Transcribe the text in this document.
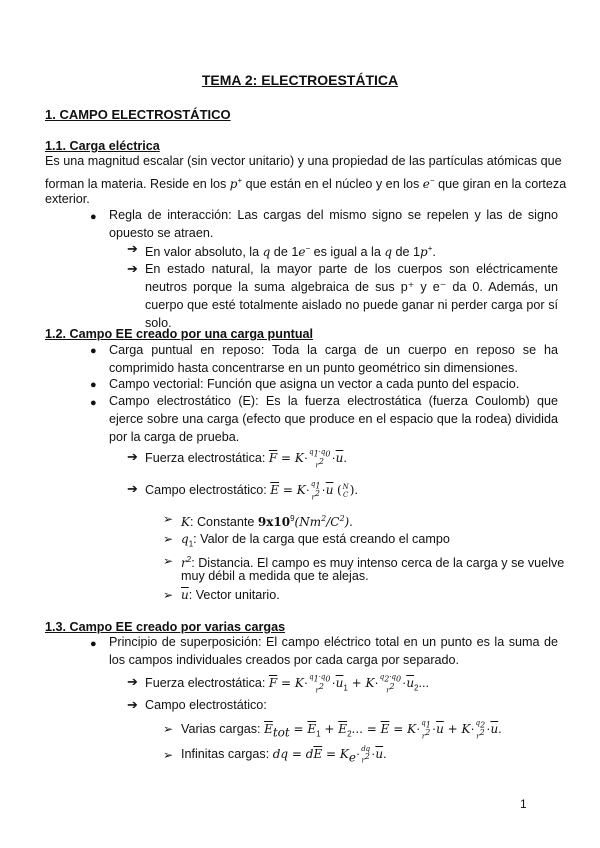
TEMA 2: ELECTROESTÁTICA
1. CAMPO ELECTROSTÁTICO
1.1. Carga eléctrica
Es una magnitud escalar (sin vector unitario) y una propiedad de las partículas atómicas que
forman la materia. Reside en los p+ que están en el núcleo y en los e− que giran en la corteza
exterior.
● Regla de interacción: Las cargas del mismo signo se repelen y las de signo opuesto se atraen.
➔ En valor absoluto, la q de 1e− es igual a la q de 1p+.
➔ En estado natural, la mayor parte de los cuerpos son eléctricamente neutros porque la suma algebraica de sus p⁺ y e⁻ da 0. Además, un cuerpo que esté totalmente aislado no puede ganar ni perder carga por sí solo.
1.2. Campo EE creado por una carga puntual
● Carga puntual en reposo: Toda la carga de un cuerpo en reposo se ha comprimido hasta concentrarse en un punto geométrico sin dimensiones.
● Campo vectorial: Función que asigna un vector a cada punto del espacio.
● Campo electrostático (E): Es la fuerza electrostática (fuerza Coulomb) que ejerce sobre una carga (efecto que produce en el espacio que la rodea) dividida por la carga de prueba.
➔ Fuerza electrostática: $\overline{F} = K\cdot q_1\cdot q_0$
$r^2 \cdot\overline{u}$.
➔ Campo electrostático: $\overline{E} = K\cdot q_1$
$r^2 \cdot\overline{u}$ ( N
C ).
➢ K: Constante $9x10^9(Nm^2/C^2)$.
➢ $q_1$: Valor de la carga que está creando el campo
➢ $r^2$: Distancia. El campo es muy intenso cerca de la carga y se vuelve
muy débil a medida que te alejas.
➢ $\overline{u}$: Vector unitario.
1.3. Campo EE creado por varias cargas
● Principio de superposición: El campo eléctrico total en un punto es la suma de los campos individuales creados por cada carga por separado.
➔ Fuerza electrostática: $\overline{F} = K\cdot q_1\cdot q_0$
$r^2 \cdot\overline{u}_1 + K\cdot q_2\cdot q_0$
$r^2 \cdot\overline{u}_2$...
➔ Campo electrostático:
➢ Varias cargas: $\overline{E}_{tot} = \overline{E}_1 + \overline{E}_2$... = $\overline{E} = K\cdot q_1$
$r^2 \cdot\overline{u} + K\cdot q_2$
$r^2 \cdot\overline{u}$.
➢ Infinitas cargas: dq = $d\overline{E} = K_e\cdot$ dq
$r^2 \cdot\overline{u}$.
1
